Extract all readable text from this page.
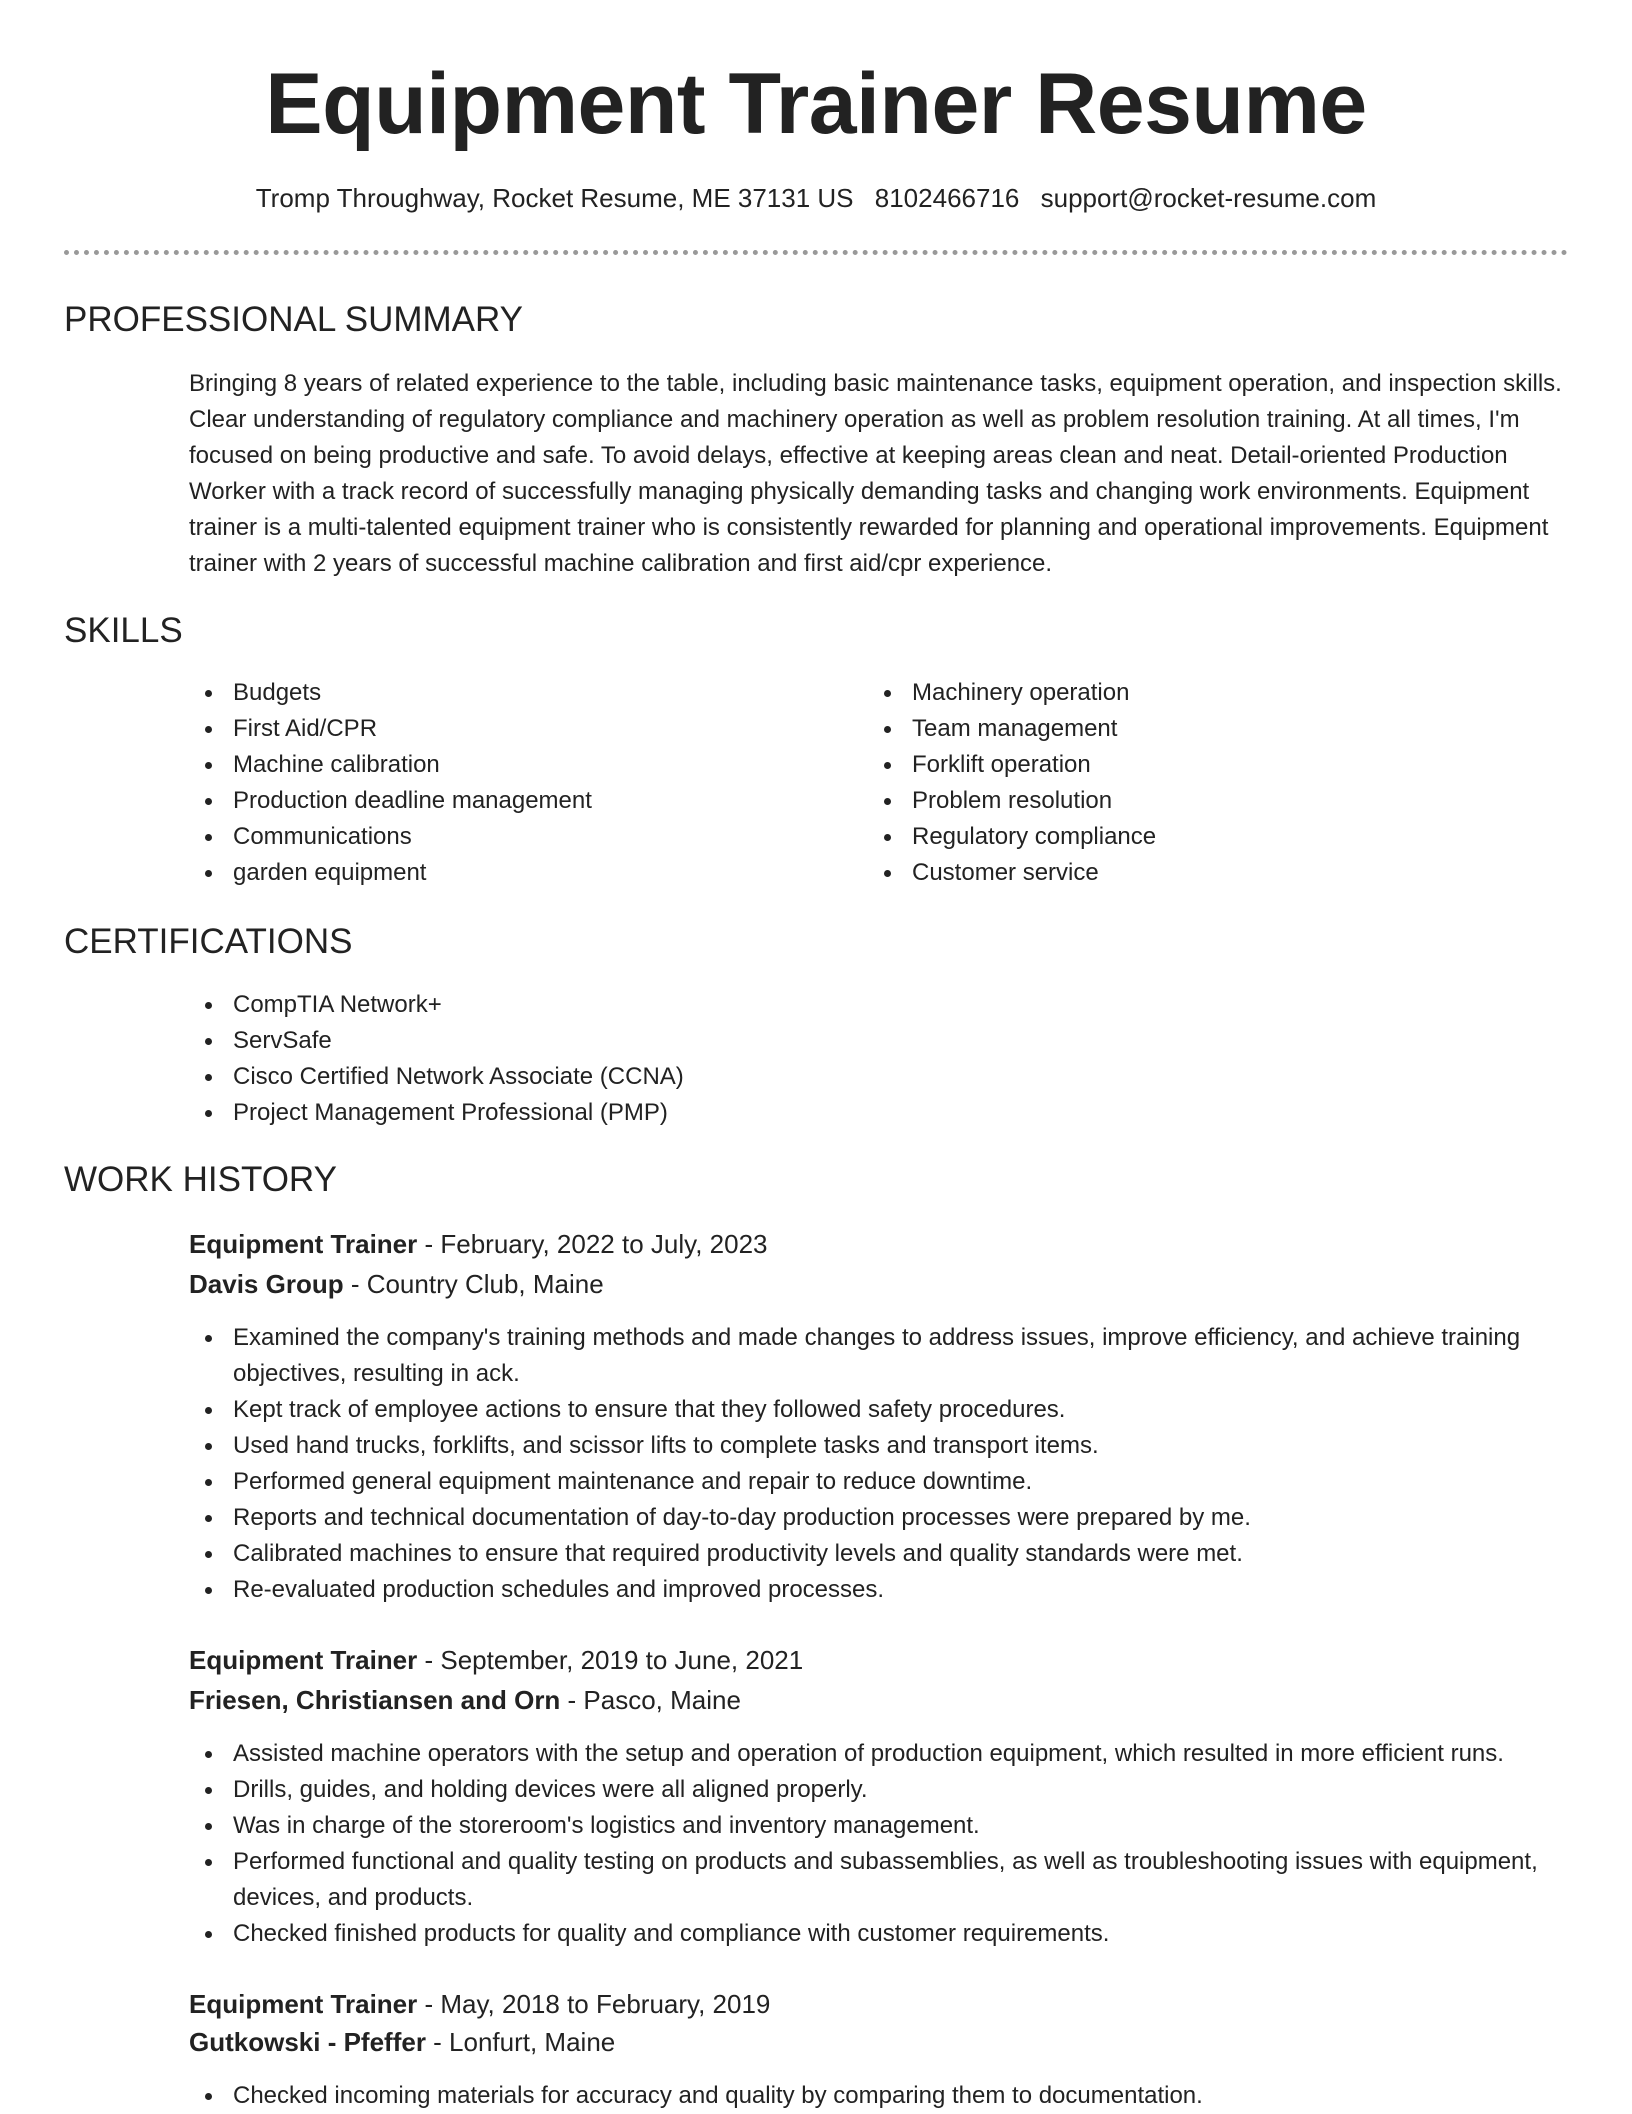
Equipment Trainer Resume
Tromp Throughway, Rocket Resume, ME 37131 US 8102466716 support@rocket-resume.com
PROFESSIONAL SUMMARY

Bringing 8 years of related experience to the table, including basic maintenance tasks, equipment operation, and inspection skills. Clear understanding of regulatory compliance and machinery operation as well as problem resolution training. At all times, I'm focused on being productive and safe. To avoid delays, effective at keeping areas clean and neat. Detail-oriented Production Worker with a track record of successfully managing physically demanding tasks and changing work environments. Equipment trainer is a multi-talented equipment trainer who is consistently rewarded for planning and operational improvements. Equipment trainer with 2 years of successful machine calibration and first aid/cpr experience.

SKILLS
Budgets
First Aid/CPR
Machine calibration
Production deadline management
Communications
garden equipment
Machinery operation
Team management
Forklift operation
Problem resolution
Regulatory compliance
Customer service
CERTIFICATIONS
CompTIA Network+
ServSafe
Cisco Certified Network Associate (CCNA)
Project Management Professional (PMP)
WORK HISTORY
Equipment Trainer - February, 2022 to July, 2023
Davis Group - Country Club, Maine
Examined the company's training methods and made changes to address issues, improve efficiency, and achieve training objectives, resulting in ack.
Kept track of employee actions to ensure that they followed safety procedures.
Used hand trucks, forklifts, and scissor lifts to complete tasks and transport items.
Performed general equipment maintenance and repair to reduce downtime.
Reports and technical documentation of day-to-day production processes were prepared by me.
Calibrated machines to ensure that required productivity levels and quality standards were met.
Re-evaluated production schedules and improved processes.
Equipment Trainer - September, 2019 to June, 2021
Friesen, Christiansen and Orn - Pasco, Maine
Assisted machine operators with the setup and operation of production equipment, which resulted in more efficient runs.
Drills, guides, and holding devices were all aligned properly.
Was in charge of the storeroom's logistics and inventory management.
Performed functional and quality testing on products and subassemblies, as well as troubleshooting issues with equipment, devices, and products.
Checked finished products for quality and compliance with customer requirements.
Equipment Trainer - May, 2018 to February, 2019
Gutkowski - Pfeffer - Lonfurt, Maine
Checked incoming materials for accuracy and quality by comparing them to documentation.
